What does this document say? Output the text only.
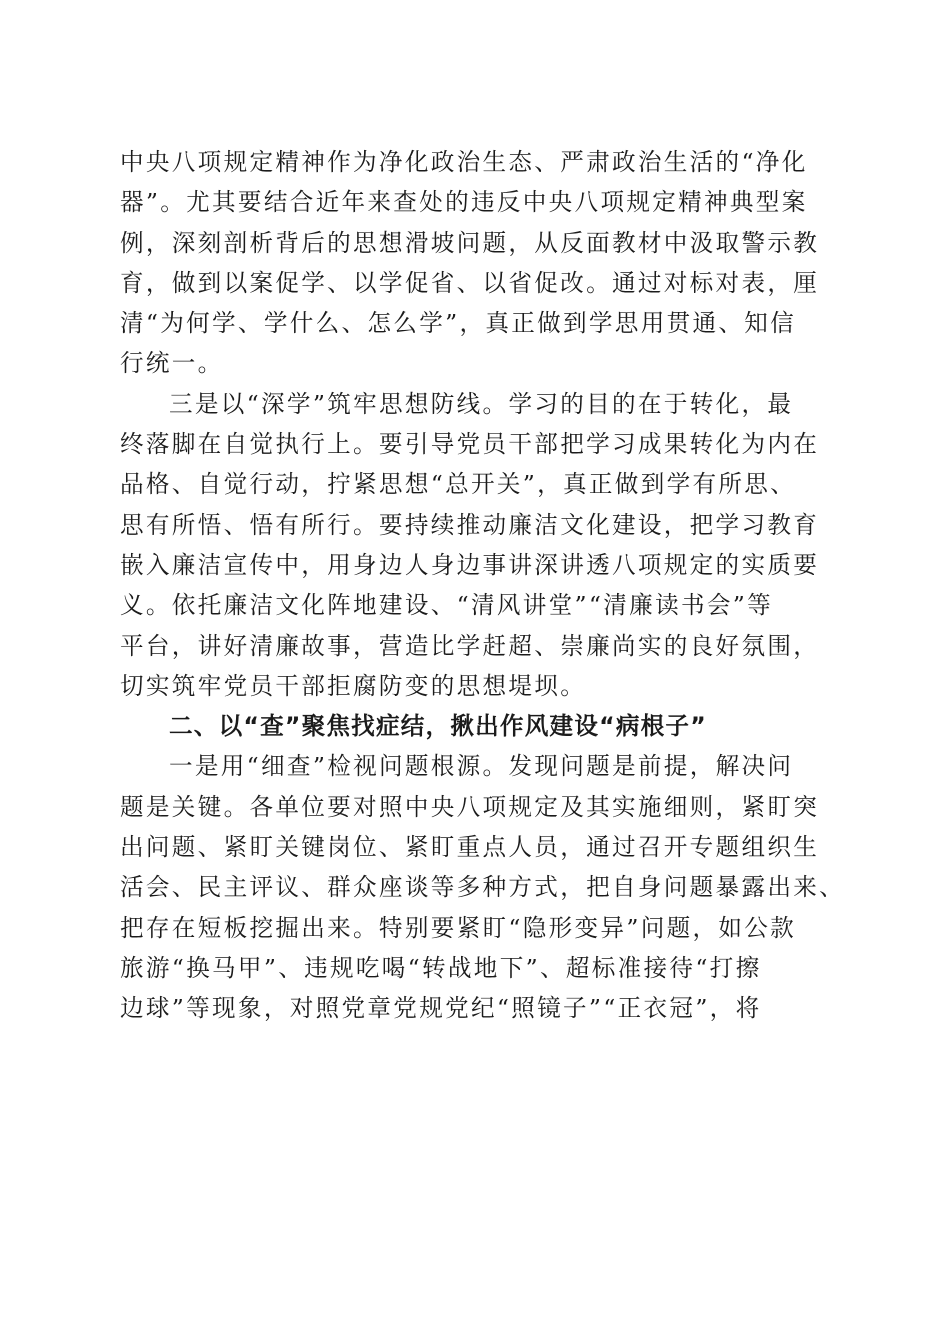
中央八项规定精神作为净化政治生态、严肃政治生活的“净化
器”。尤其要结合近年来查处的违反中央八项规定精神典型案
例，深刻剖析背后的思想滑坡问题，从反面教材中汲取警示教
育，做到以案促学、以学促省、以省促改。通过对标对表，厘
清“为何学、学什么、怎么学”，真正做到学思用贯通、知信
行统一。
三是以“深学”筑牢思想防线。学习的目的在于转化，最
终落脚在自觉执行上。要引导党员干部把学习成果转化为内在
品格、自觉行动，拧紧思想“总开关”，真正做到学有所思、
思有所悟、悟有所行。要持续推动廉洁文化建设，把学习教育
嵌入廉洁宣传中，用身边人身边事讲深讲透八项规定的实质要
义。依托廉洁文化阵地建设、“清风讲堂”“清廉读书会”等
平台，讲好清廉故事，营造比学赶超、崇廉尚实的良好氛围，
切实筑牢党员干部拒腐防变的思想堤坝。
二、以“查”聚焦找症结，揪出作风建设“病根子”
一是用“细查”检视问题根源。发现问题是前提，解决问
题是关键。各单位要对照中央八项规定及其实施细则，紧盯突
出问题、紧盯关键岗位、紧盯重点人员，通过召开专题组织生
活会、民主评议、群众座谈等多种方式，把自身问题暴露出来、
把存在短板挖掘出来。特别要紧盯“隐形变异”问题，如公款
旅游“换马甲”、违规吃喝“转战地下”、超标准接待“打擦
边球”等现象，对照党章党规党纪“照镜子”“正衣冠”，将
